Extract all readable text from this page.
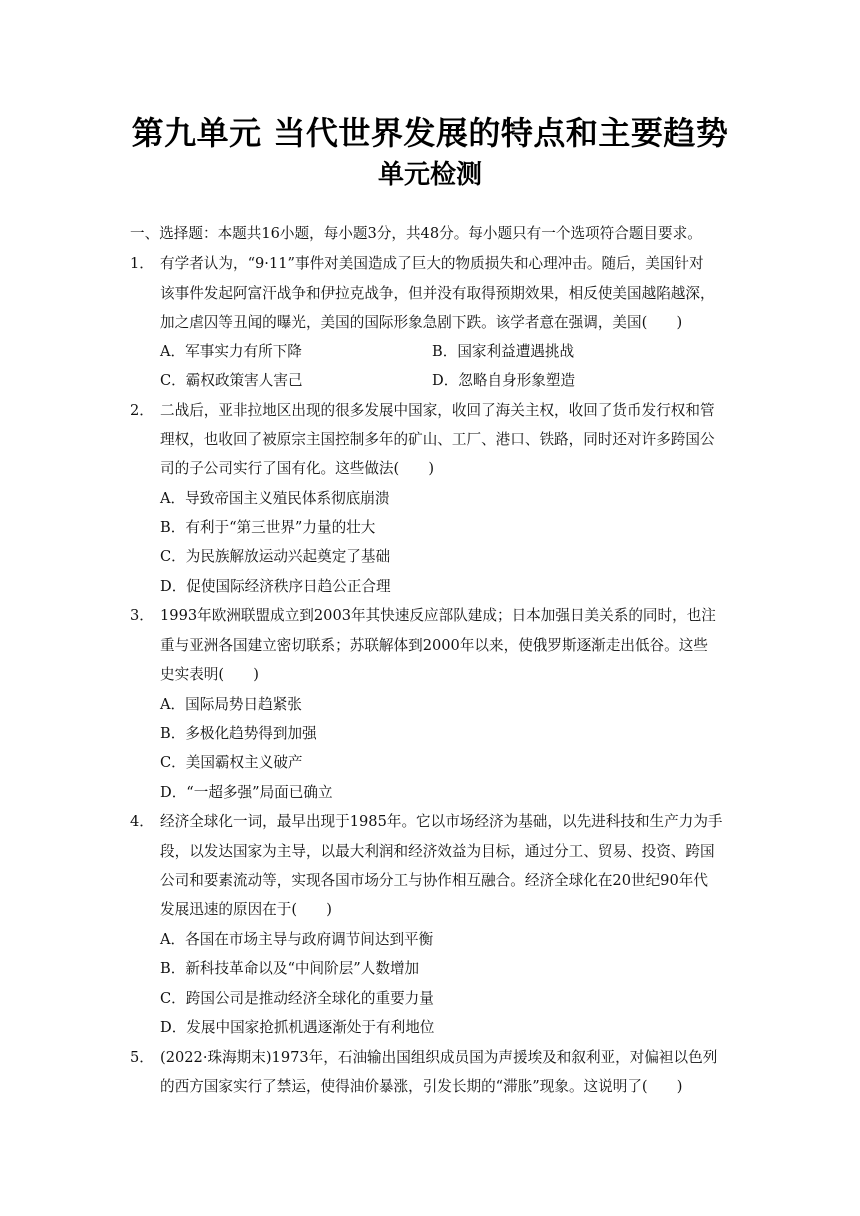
第九单元 当代世界发展的特点和主要趋势
单元检测
一、选择题：本题共16小题，每小题3分，共48分。每小题只有一个选项符合题目要求。
1． 有学者认为，“9·11”事件对美国造成了巨大的物质损失和心理冲击。随后，美国针对
该事件发起阿富汗战争和伊拉克战争，但并没有取得预期效果，相反使美国越陷越深，
加之虐囚等丑闻的曝光，美国的国际形象急剧下跌。该学者意在强调，美国(　　)
A．军事实力有所下降	B．国家利益遭遇挑战
C．霸权政策害人害己	D．忽略自身形象塑造
2． 二战后，亚非拉地区出现的很多发展中国家，收回了海关主权，收回了货币发行权和管
理权，也收回了被原宗主国控制多年的矿山、工厂、港口、铁路，同时还对许多跨国公
司的子公司实行了国有化。这些做法(　　)
A．导致帝国主义殖民体系彻底崩溃
B．有利于“第三世界”力量的壮大
C．为民族解放运动兴起奠定了基础
D．促使国际经济秩序日趋公正合理
3． 1993年欧洲联盟成立到2003年其快速反应部队建成；日本加强日美关系的同时，也注
重与亚洲各国建立密切联系；苏联解体到2000年以来，使俄罗斯逐渐走出低谷。这些
史实表明(　　)
A．国际局势日趋紧张
B．多极化趋势得到加强
C．美国霸权主义破产
D．“一超多强”局面已确立
4． 经济全球化一词，最早出现于1985年。它以市场经济为基础，以先进科技和生产力为手
段，以发达国家为主导，以最大利润和经济效益为目标，通过分工、贸易、投资、跨国
公司和要素流动等，实现各国市场分工与协作相互融合。经济全球化在20世纪90年代
发展迅速的原因在于(　　)
A．各国在市场主导与政府调节间达到平衡
B．新科技革命以及“中间阶层”人数增加
C．跨国公司是推动经济全球化的重要力量
D．发展中国家抢抓机遇逐渐处于有利地位
5． (2022·珠海期末)1973年，石油输出国组织成员国为声援埃及和叙利亚，对偏袒以色列
的西方国家实行了禁运，使得油价暴涨，引发长期的“滞胀”现象。这说明了(　　)
